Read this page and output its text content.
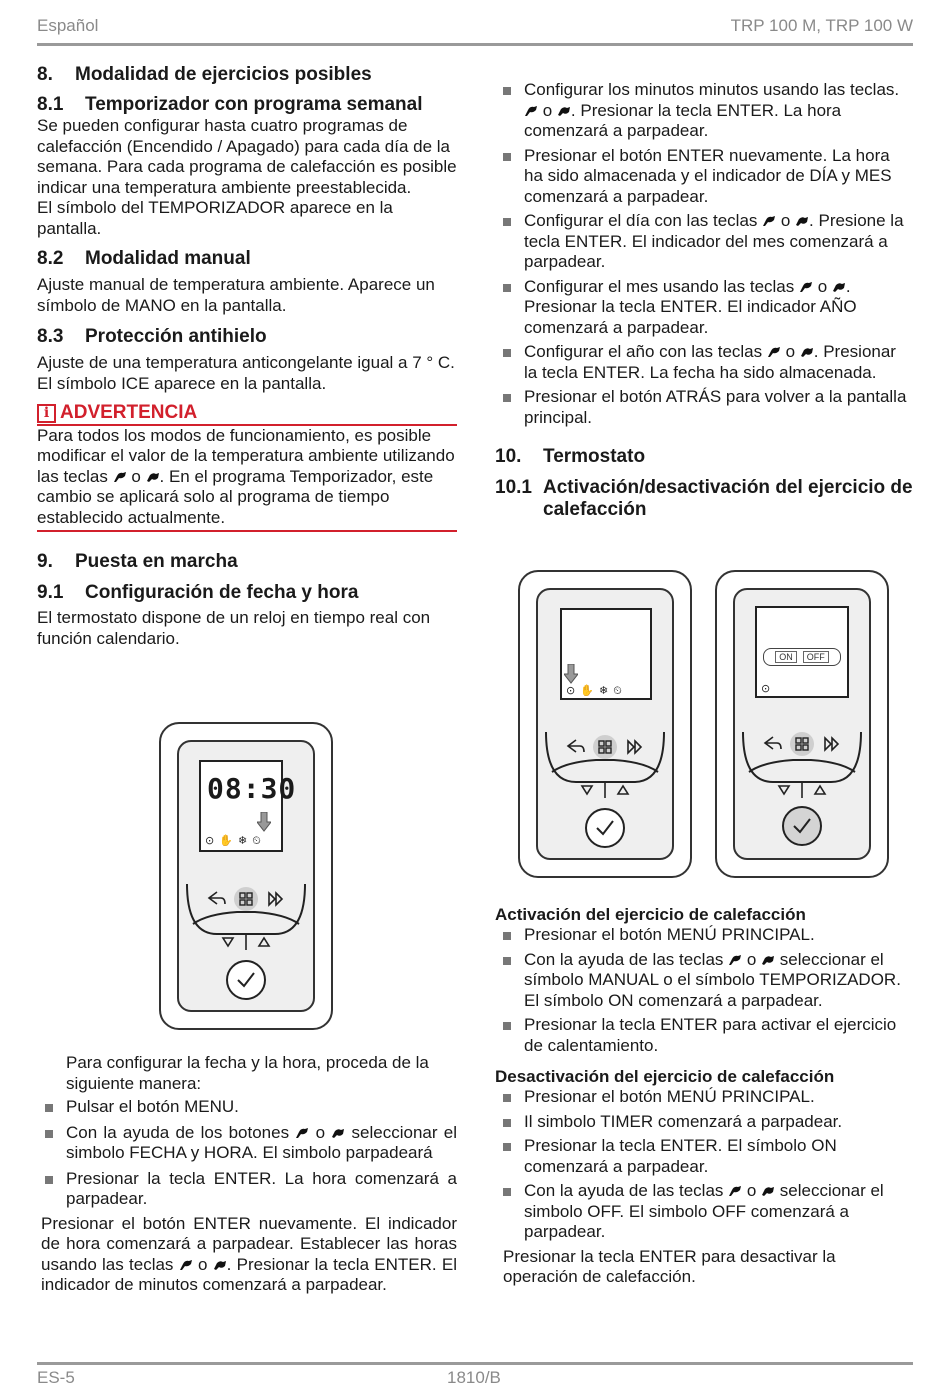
Español	TRP 100 M, TRP 100 W
8. Modalidad de ejercicios posibles
8.1 Temporizador con programa semanal

Se pueden configurar hasta cuatro programas de calefacción (Encendido / Apagado) para cada día de la semana. Para cada programa de calefacción es posible indicar una temperatura ambiente preestablecida.

El símbolo del TEMPORIZADOR aparece en la pantalla.

8.2 Modalidad manual

Ajuste manual de temperatura ambiente. Aparece un símbolo de MANO en la pantalla.

8.3 Protección antihielo

Ajuste de una temperatura anticongelante igual a 7 ° C. El símbolo ICE aparece en la pantalla.

i ADVERTENCIA

Para todos los modos de funcionamiento, es posible modificar el valor de la temperatura ambiente utilizando las teclas  o . En el programa Temporizador, este cambio se aplicará solo al programa de tiempo establecido actualmente.

9. Puesta en marcha
9.1 Configuración de fecha y hora

El termostato dispone de un reloj en tiempo real con función calendario.

08:30
⊙ ✋ ❄ ⏲

Para configurar la fecha y la hora, proceda de la siguiente manera:

Pulsar el botón MENU.
Con la ayuda de los botones  o  seleccionar el simbolo FECHA y HORA. El simbolo parpadeará
Presionar la tecla ENTER. La hora comenzará a parpadear.

Presionar el botón ENTER nuevamente. El indicador de hora comenzará a parpadear. Establecer las horas usando las teclas  o . Presionar la tecla ENTER. El indicador de minutos comenzará a parpadear.

Configurar los minutos minutos usando las teclas.  o . Presionar la tecla ENTER. La hora comenzará a parpadear.
Presionar el botón ENTER nuevamente. La hora ha sido almacenada y el indicador de DÍA y MES comenzará a parpadear.
Configurar el día con las teclas  o . Presione la tecla ENTER. El indicador del mes comenzará a parpadear.
Configurar el mes usando las teclas  o . Presionar la tecla ENTER. El indicador AÑO comenzará a parpadear.
Configurar el año con las teclas  o . Presionar la tecla ENTER. La fecha ha sido almacenada.
Presionar el botón ATRÁS para volver a la pantalla principal.
10. Termostato
10.1 Activación/desactivación del ejercicio de calefacción
⊙ ✋ ❄ ⏲
ON	OFF
⊙
Activación del ejercicio de calefacción
Presionar el botón MENÚ PRINCIPAL.
Con la ayuda de las teclas  o  seleccionar el símbolo MANUAL o el símbolo TEMPORIZADOR. El símbolo ON comenzará a parpadear.
Presionar la tecla ENTER para activar el ejercicio de calentamiento.
Desactivación del ejercicio de calefacción
Presionar el botón MENÚ PRINCIPAL.
Il simbolo TIMER comenzará a parpadear.
Presionar la tecla ENTER. El símbolo ON comenzará a parpadear.
Con la ayuda de las teclas  o  seleccionar el simbolo OFF. El simbolo OFF comenzará a parpadear.

Presionar la tecla ENTER para desactivar la operación de calefacción.

ES-5	1810/B
